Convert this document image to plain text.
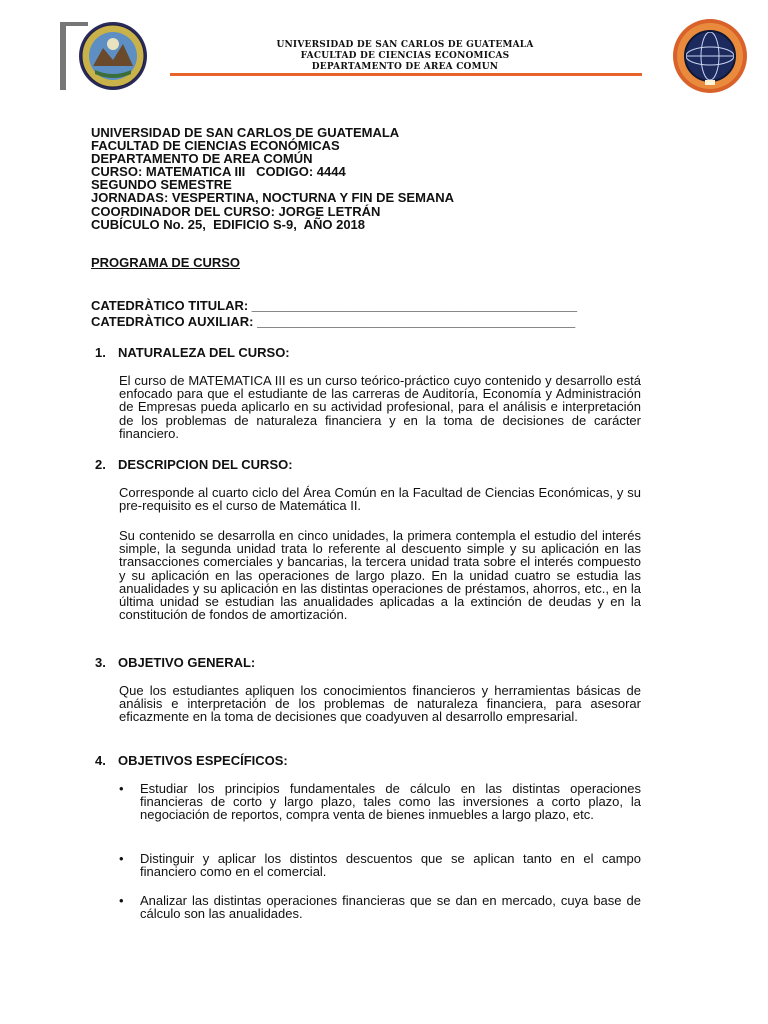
UNIVERSIDAD DE SAN CARLOS DE GUATEMALA
FACULTAD DE CIENCIAS ECONOMICAS
DEPARTAMENTO DE AREA COMUN
UNIVERSIDAD DE SAN CARLOS DE GUATEMALA
FACULTAD DE CIENCIAS ECONÓMICAS
DEPARTAMENTO DE AREA COMÚN
CURSO: MATEMATICA III   CODIGO: 4444
SEGUNDO SEMESTRE
JORNADAS: VESPERTINA, NOCTURNA Y FIN DE SEMANA
COORDINADOR DEL CURSO: JORGE LETRÁN
CUBÍCULO No. 25,  EDIFICIO S-9,  AÑO 2018
PROGRAMA DE CURSO
CATEDRÀTICO TITULAR: _____________________________________________
CATEDRÀTICO AUXILIAR: ____________________________________________
1. NATURALEZA DEL CURSO:
El curso de MATEMATICA III es un curso teórico-práctico cuyo contenido y desarrollo está enfocado para que el estudiante de las carreras de Auditoría, Economía y Administración de Empresas pueda aplicarlo en su actividad profesional, para el análisis e interpretación de los problemas de naturaleza financiera y en la toma de decisiones de carácter financiero.
2. DESCRIPCION DEL CURSO:
Corresponde al cuarto ciclo del Área Común en la Facultad de Ciencias Económicas, y su pre-requisito es el curso de Matemática II.
Su contenido se desarrolla en cinco unidades, la primera contempla el estudio del interés simple, la segunda unidad trata lo referente al descuento simple y su aplicación en las transacciones comerciales y bancarias, la tercera unidad trata sobre el interés compuesto y su aplicación en las operaciones de largo plazo. En la unidad cuatro se estudia las anualidades y su aplicación en las distintas operaciones de préstamos, ahorros, etc., en la última unidad se estudian las anualidades aplicadas a la extinción de deudas y en la constitución de fondos de amortización.
3. OBJETIVO GENERAL:
Que los estudiantes apliquen los conocimientos financieros y herramientas básicas de análisis e interpretación de los problemas de naturaleza financiera, para asesorar eficazmente en la toma de decisiones que coadyuven al desarrollo empresarial.
4. OBJETIVOS ESPECÍFICOS:
•	Estudiar los principios fundamentales de cálculo en las distintas operaciones financieras de corto y largo plazo, tales como las inversiones a corto plazo, la negociación de reportos, compra venta de bienes inmuebles a largo plazo, etc.
•	Distinguir y aplicar los distintos descuentos que se aplican tanto en el campo financiero como en el comercial.
•	Analizar las distintas operaciones financieras que se dan en mercado, cuya base de cálculo son las anualidades.
